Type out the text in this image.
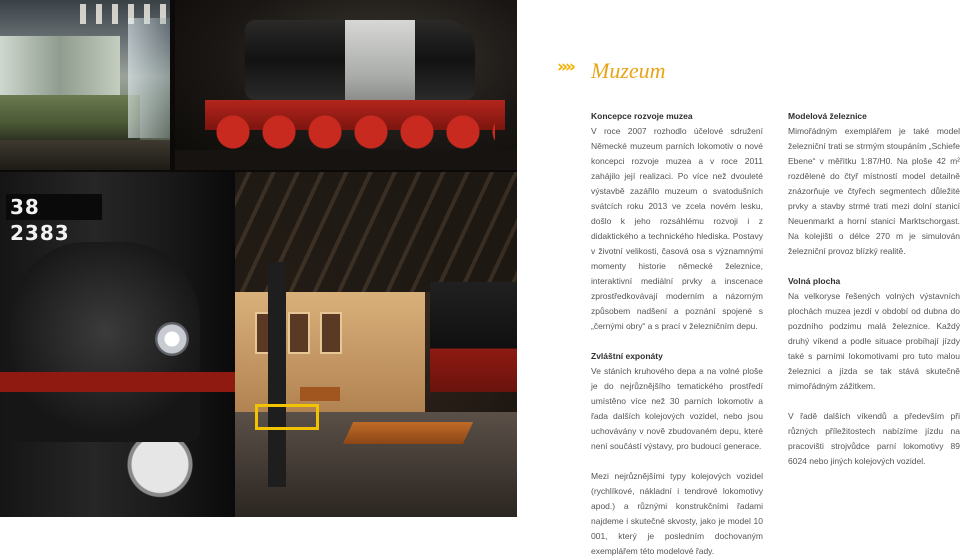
38 2383
»» Muzeum
Koncepce rozvoje muzea

V roce 2007 rozhodlo účelové sdružení Německé muzeum parních lokomotiv o nové koncepci rozvoje muzea a v roce 2011 zahájilo její realizaci. Po více než dvouleté výstavbě zazářilo muzeum o svatodušních svátcích roku 2013 ve zcela novém lesku, došlo k jeho rozsáhlému rozvoji i z didaktického a technického hlediska. Postavy v životní velikosti, časová osa s významnými momenty historie německé železnice, interaktivní mediální prvky a inscenace zprostředkovávají moderním a názorným způsobem nadšení a poznání spojené s „černými obry“ a s prací v železničním depu.

Zvláštní exponáty

Ve stáních kruhového depa a na volné ploše je do nejrůznějšího tematického prostředí umístěno více než 30 parních lokomotiv a řada dalších kolejových vozidel, nebo jsou uchovávány v nově zbudovaném depu, které není součástí výstavy, pro budoucí generace.

Mezi nejrůznějšími typy kolejových vozidel (rychlíkové, nákladní i tendrové lokomotivy apod.) a různými konstrukčními řadami najdeme i skutečné skvosty, jako je model 10 001, který je posledním dochovaným exemplářem této modelové řady.

Modelová železnice

Mimořádným exemplářem je také model železniční trati se strmým stoupáním „Schiefe Ebene“ v měřítku 1:87/H0. Na ploše 42 m² rozdělené do čtyř místností model detailně znázorňuje ve čtyřech segmentech důležité prvky a stavby strmé trati mezi dolní stanicí Neuenmarkt a horní stanicí Marktschorgast. Na kolejišti o délce 270 m je simulován železniční provoz blízký realitě.

Volná plocha

Na velkoryse řešených volných výstavních plochách muzea jezdí v období od dubna do pozdního podzimu malá železnice. Každý druhý víkend a podle situace probíhají jízdy také s parními lokomotivami pro tuto malou železnici a jízda se tak stává skutečně mimořádným zážitkem.

V řadě dalších víkendů a především při různých příležitostech nabízíme jízdu na pracovišti strojvůdce parní lokomotivy 89 6024 nebo jiných kolejových vozidel.
